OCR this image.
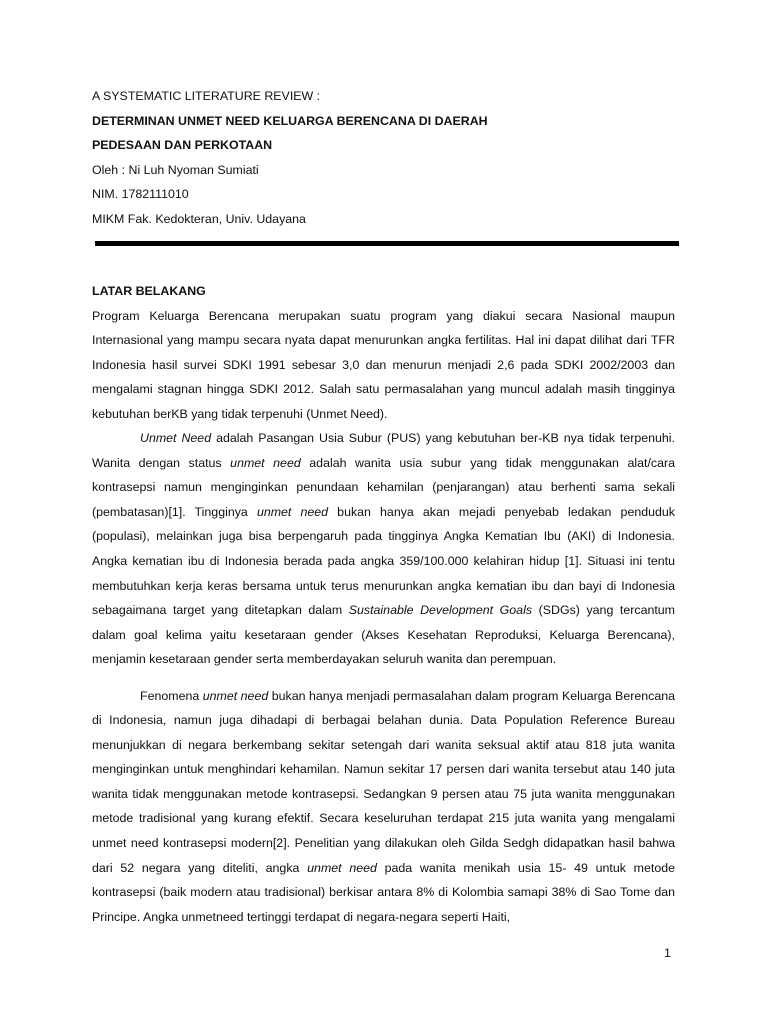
A SYSTEMATIC LITERATURE REVIEW :
DETERMINAN UNMET NEED KELUARGA BERENCANA DI DAERAH
PEDESAAN DAN PERKOTAAN
Oleh : Ni Luh Nyoman Sumiati
NIM. 1782111010
MIKM Fak. Kedokteran, Univ. Udayana

LATAR BELAKANG

Program Keluarga Berencana merupakan suatu program yang diakui secara Nasional maupun Internasional yang mampu secara nyata dapat menurunkan angka fertilitas. Hal ini dapat dilihat dari TFR Indonesia hasil survei SDKI 1991 sebesar 3,0 dan menurun menjadi 2,6 pada SDKI 2002/2003 dan mengalami stagnan hingga SDKI 2012. Salah satu permasalahan yang muncul adalah masih tingginya kebutuhan berKB yang tidak terpenuhi (Unmet Need).

Unmet Need adalah Pasangan Usia Subur (PUS) yang kebutuhan ber-KB nya tidak terpenuhi. Wanita dengan status unmet need adalah wanita usia subur yang tidak menggunakan alat/cara kontrasepsi namun menginginkan penundaan kehamilan (penjarangan) atau berhenti sama sekali (pembatasan)[1]. Tingginya unmet need bukan hanya akan mejadi penyebab ledakan penduduk (populasi), melainkan juga bisa berpengaruh pada tingginya Angka Kematian Ibu (AKI) di Indonesia. Angka kematian ibu di Indonesia berada pada angka 359/100.000 kelahiran hidup [1]. Situasi ini tentu membutuhkan kerja keras bersama untuk terus menurunkan angka kematian ibu dan bayi di Indonesia sebagaimana target yang ditetapkan dalam Sustainable Development Goals (SDGs) yang tercantum dalam goal kelima yaitu kesetaraan gender (Akses Kesehatan Reproduksi, Keluarga Berencana), menjamin kesetaraan gender serta memberdayakan seluruh wanita dan perempuan.

Fenomena unmet need bukan hanya menjadi permasalahan dalam program Keluarga Berencana di Indonesia, namun juga dihadapi di berbagai belahan dunia. Data Population Reference Bureau menunjukkan di negara berkembang sekitar setengah dari wanita seksual aktif atau 818 juta wanita menginginkan untuk menghindari kehamilan. Namun sekitar 17 persen dari wanita tersebut atau 140 juta wanita tidak menggunakan metode kontrasepsi. Sedangkan 9 persen atau 75 juta wanita menggunakan metode tradisional yang kurang efektif. Secara keseluruhan terdapat 215 juta wanita yang mengalami unmet need kontrasepsi modern[2]. Penelitian yang dilakukan oleh Gilda Sedgh didapatkan hasil bahwa dari 52 negara yang diteliti, angka unmet need pada wanita menikah usia 15- 49 untuk metode kontrasepsi (baik modern atau tradisional) berkisar antara 8% di Kolombia samapi 38% di Sao Tome dan Principe. Angka unmetneed tertinggi terdapat di negara-negara seperti Haiti,

1
